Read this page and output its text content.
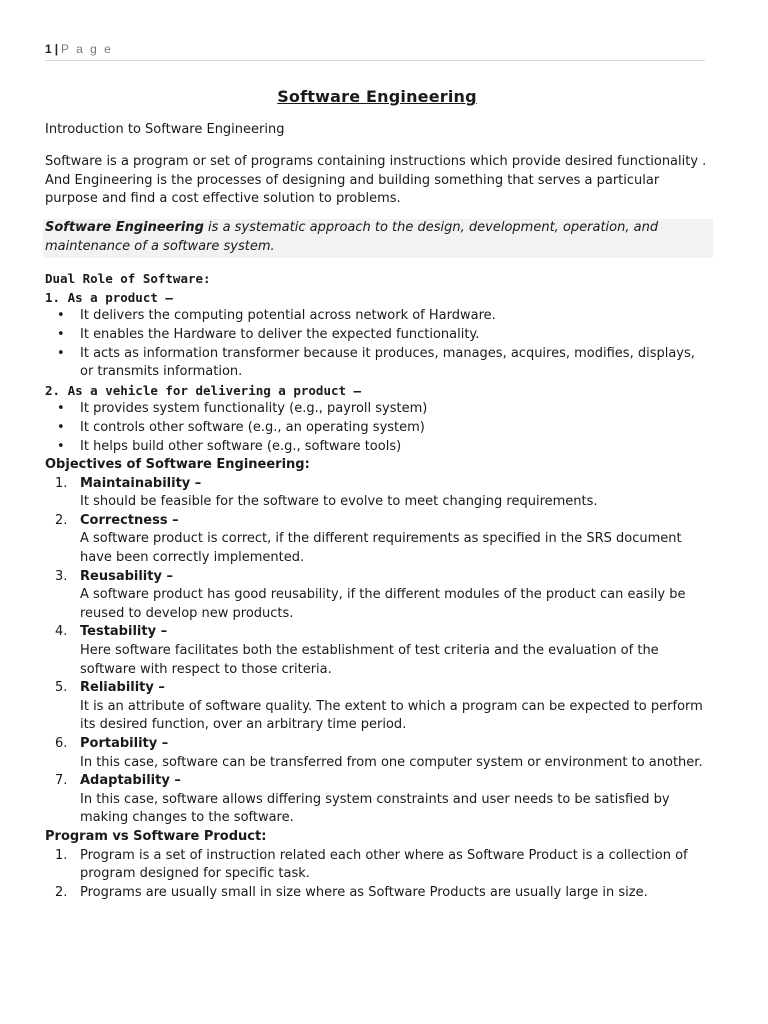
1 | P a g e
Software Engineering

Introduction to Software Engineering

Software is a program or set of programs containing instructions which provide desired functionality . And Engineering is the processes of designing and building something that serves a particular purpose and find a cost effective solution to problems.

Software Engineering is a systematic approach to the design, development, operation, and maintenance of a software system.

Dual Role of Software:
1. As a product –
• It delivers the computing potential across network of Hardware.
• It enables the Hardware to deliver the expected functionality.
• It acts as information transformer because it produces, manages, acquires, modifies, displays, or transmits information.
2. As a vehicle for delivering a product –
• It provides system functionality (e.g., payroll system)
• It controls other software (e.g., an operating system)
• It helps build other software (e.g., software tools)
Objectives of Software Engineering:
1. Maintainability –
It should be feasible for the software to evolve to meet changing requirements.
2. Correctness –
A software product is correct, if the different requirements as specified in the SRS document have been correctly implemented.
3. Reusability –
A software product has good reusability, if the different modules of the product can easily be reused to develop new products.
4. Testability –
Here software facilitates both the establishment of test criteria and the evaluation of the software with respect to those criteria.
5. Reliability –
It is an attribute of software quality. The extent to which a program can be expected to perform its desired function, over an arbitrary time period.
6. Portability –
In this case, software can be transferred from one computer system or environment to another.
7. Adaptability –
In this case, software allows differing system constraints and user needs to be satisfied by making changes to the software.
Program vs Software Product:
1. Program is a set of instruction related each other where as Software Product is a collection of program designed for specific task.
2. Programs are usually small in size where as Software Products are usually large in size.
